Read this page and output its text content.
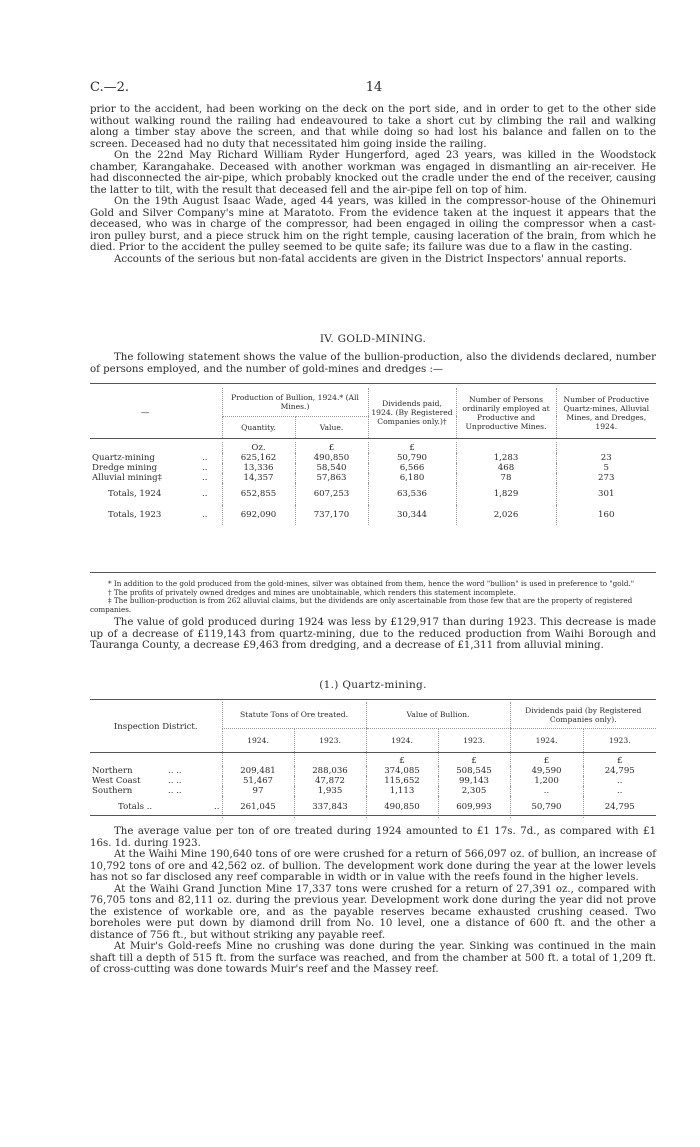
C.—2.	14

prior to the accident, had been working on the deck on the port side, and in order to get to the other side without walking round the railing had endeavoured to take a short cut by climbing the rail and walking along a timber stay above the screen, and that while doing so had lost his balance and fallen on to the screen. Deceased had no duty that necessitated him going inside the railing.

On the 22nd May Richard William Ryder Hungerford, aged 23 years, was killed in the Woodstock chamber, Karangahake. Deceased with another workman was engaged in dismantling an air-receiver. He had disconnected the air-pipe, which probably knocked out the cradle under the end of the receiver, causing the latter to tilt, with the result that deceased fell and the air-pipe fell on top of him.

On the 19th August Isaac Wade, aged 44 years, was killed in the compressor-house of the Ohinemuri Gold and Silver Company's mine at Maratoto. From the evidence taken at the inquest it appears that the deceased, who was in charge of the compressor, had been engaged in oiling the compressor when a cast-iron pulley burst, and a piece struck him on the right temple, causing laceration of the brain, from which he died. Prior to the accident the pulley seemed to be quite safe; its failure was due to a flaw in the casting.

Accounts of the serious but non-fatal accidents are given in the District Inspectors' annual reports.

IV. GOLD-MINING.

The following statement shows the value of the bullion-production, also the dividends declared, number of persons employed, and the number of gold-mines and dredges :—

—		Production of Bullion, 1924.* (All Mines.)		Dividends paid, 1924. (By Registered Companies only.)†	Number of Persons ordinarily employed at Productive and Unproductive Mines.	Number of Productive Quartz-mines, Alluvial Mines, and Dredges, 1924.
		Quantity.	Value.			

		Oz.	£	£		
Quartz-mining	..	625,162	490,850	50,790	1,283	23
Dredge mining	..	13,336	58,540	6,566	468	5
Alluvial mining‡	..	14,357	57,863	6,180	78	273
Totals, 1924	..	652,855	607,253	63,536	1,829	301
Totals, 1923	..	692,090	737,170	30,344	2,026	160

* In addition to the gold produced from the gold-mines, silver was obtained from them, hence the word "bullion" is used in preference to "gold."

† The profits of privately owned dredges and mines are unobtainable, which renders this statement incomplete.

‡ The bullion-production is from 262 alluvial claims, but the dividends are only ascertainable from those few that are the property of registered companies.

The value of gold produced during 1924 was less by £129,917 than during 1923. This decrease is made up of a decrease of £119,143 from quartz-mining, due to the reduced production from Waihi Borough and Tauranga County, a decrease £9,463 from dredging, and a decrease of £1,311 from alluvial mining.

(1.) Quartz-mining.
Inspection District.		Statute Tons of Ore treated.		Value of Bullion.		Dividends paid (by Registered Companies only).	
		1924.	1923.	1924.	1923.	1924.	1923.
				£	£	£	£
Northern	.. ..	209,481	288,036	374,085	508,545	49,590	24,795
West Coast	.. ..	51,467	47,872	115,652	99,143	1,200	..
Southern	.. ..	97	1,935	1,113	2,305	..	..
Totals ..	..	261,045	337,843	490,850	609,993	50,790	24,795

The average value per ton of ore treated during 1924 amounted to £1 17s. 7d., as compared with £1 16s. 1d. during 1923.

At the Waihi Mine 190,640 tons of ore were crushed for a return of 566,097 oz. of bullion, an increase of 10,792 tons of ore and 42,562 oz. of bullion. The development work done during the year at the lower levels has not so far disclosed any reef comparable in width or in value with the reefs found in the higher levels.

At the Waihi Grand Junction Mine 17,337 tons were crushed for a return of 27,391 oz., compared with 76,705 tons and 82,111 oz. during the previous year. Development work done during the year did not prove the existence of workable ore, and as the payable reserves became exhausted crushing ceased. Two boreholes were put down by diamond drill from No. 10 level, one a distance of 600 ft. and the other a distance of 756 ft., but without striking any payable reef.

At Muir's Gold-reefs Mine no crushing was done during the year. Sinking was continued in the main shaft till a depth of 515 ft. from the surface was reached, and from the chamber at 500 ft. a total of 1,209 ft. of cross-cutting was done towards Muir's reef and the Massey reef.
